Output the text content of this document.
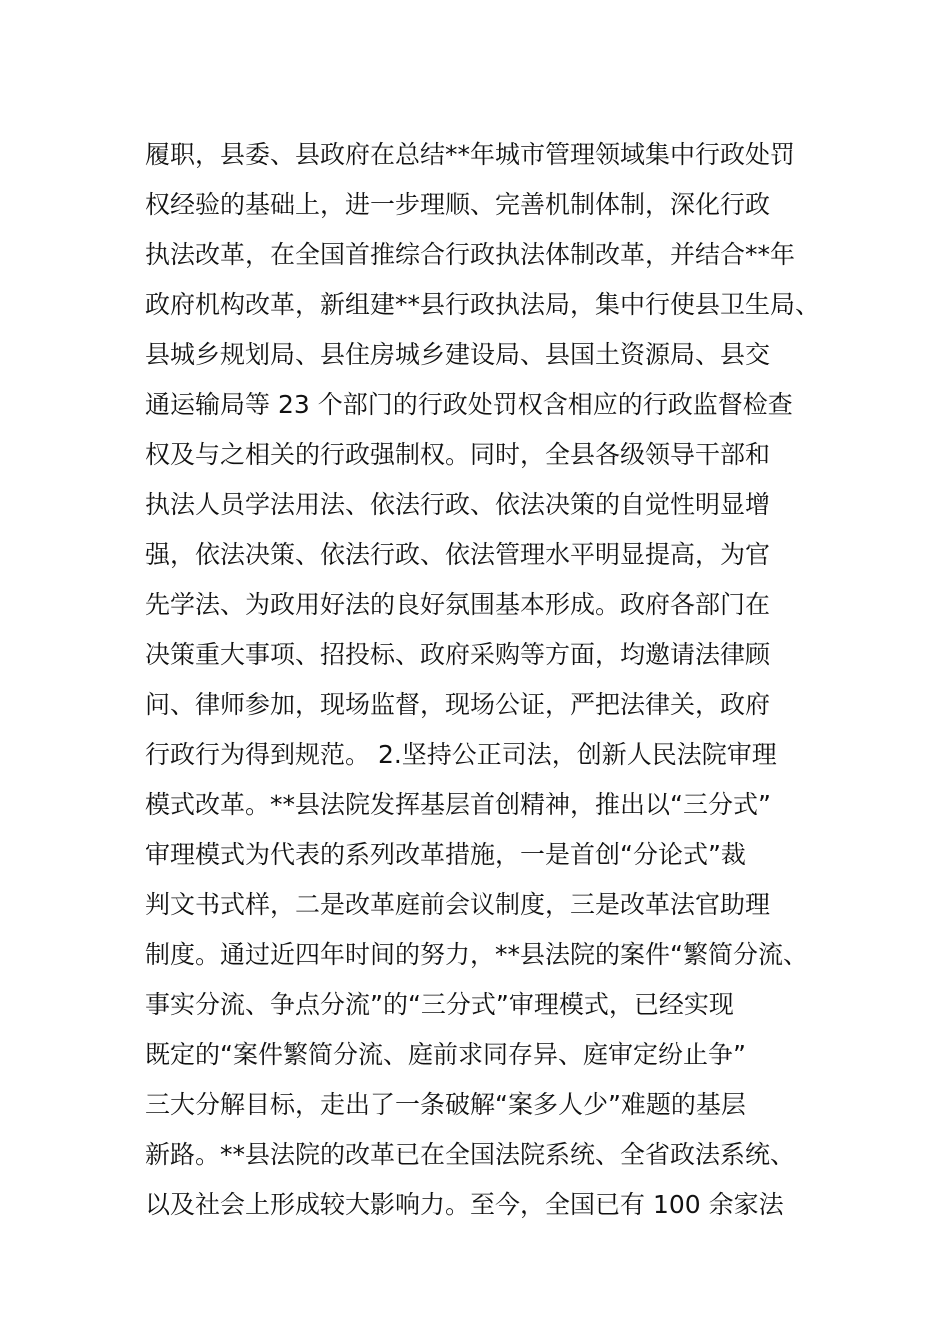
履职，县委、县政府在总结**年城市管理领域集中行政处罚
权经验的基础上，进一步理顺、完善机制体制，深化行政
执法改革，在全国首推综合行政执法体制改革，并结合**年
政府机构改革，新组建**县行政执法局，集中行使县卫生局、
县城乡规划局、县住房城乡建设局、县国土资源局、县交
通运输局等 23 个部门的行政处罚权含相应的行政监督检查
权及与之相关的行政强制权。同时，全县各级领导干部和
执法人员学法用法、依法行政、依法决策的自觉性明显增
强，依法决策、依法行政、依法管理水平明显提高，为官
先学法、为政用好法的良好氛围基本形成。政府各部门在
决策重大事项、招投标、政府采购等方面，均邀请法律顾
问、律师参加，现场监督，现场公证，严把法律关，政府
行政行为得到规范。 2.坚持公正司法，创新人民法院审理
模式改革。**县法院发挥基层首创精神，推出以“三分式”
审理模式为代表的系列改革措施，一是首创“分论式”裁
判文书式样，二是改革庭前会议制度，三是改革法官助理
制度。通过近四年时间的努力，**县法院的案件“繁简分流、
事实分流、争点分流”的“三分式”审理模式，已经实现
既定的“案件繁简分流、庭前求同存异、庭审定纷止争”
三大分解目标，走出了一条破解“案多人少”难题的基层
新路。**县法院的改革已在全国法院系统、全省政法系统、
以及社会上形成较大影响力。至今，全国已有 100 余家法
